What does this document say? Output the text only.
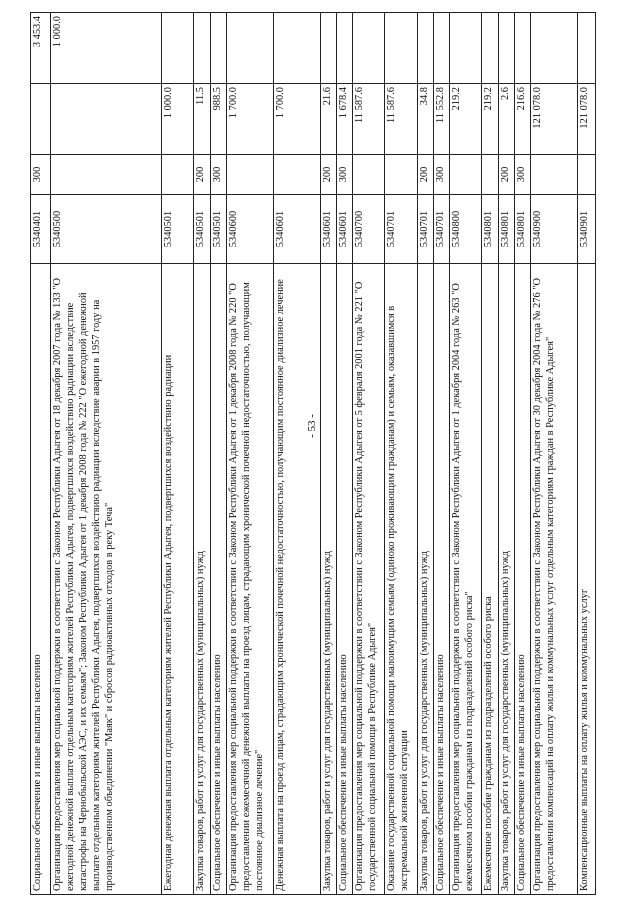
- 53 -
Социальное обеспечение и иные выплаты населению	5340401	300		3 453.4
Организация предоставления мер социальной поддержки в соответствии с Законом Республики Адыгея от 18 декабря 2007 года № 133 "О ежегодной денежной выплате отдельным категориям жителей Республики Адыгея, подвергшихся воздействию радиации вследствие катастрофы на Чернобыльской АЭС, и их семьям"; Законом Республики Адыгея от 1 декабря 2008 года № 222 "О ежегодной денежной выплате отдельным категориям жителей Республики Адыгея, подвергшихся воздействию радиации вследствие аварии в 1957 году на производственном объединении "Маяк" и сбросов радиоактивных отходов в реку Теча"	5340500			1 000.0
Ежегодная денежная выплата отдельным категориям жителей Республики Адыгея, подвергшихся воздействию радиации	5340501		1 000.0	
Закупка товаров, работ и услуг для государственных (муниципальных) нужд	5340501	200	11.5	
Социальное обеспечение и иные выплаты населению	5340501	300	988.5	
Организация предоставления мер социальной поддержки в соответствии с Законом Республики Адыгея от 1 декабря 2008 года № 220 "О предоставлении ежемесячной денежной выплаты на проезд лицам, страдающим хронической почечной недостаточностью, получающим постоянное диализное лечение"	5340600		1 700.0	
Денежная выплата на проезд лицам, страдающим хронической почечной недостаточностью, получающим постоянное диализное лечение	5340601		1 700.0	
Закупка товаров, работ и услуг для государственных (муниципальных) нужд	5340601	200	21.6	
Социальное обеспечение и иные выплаты населению	5340601	300	1 678.4	
Организация предоставления мер социальной поддержки в соответствии с Законом Республики Адыгея от 5 февраля 2001 года № 221 "О государственной социальной помощи в Республике Адыгея"	5340700		11 587.6	
Оказание государственной социальной помощи малоимущим семьям (одиноко проживающим гражданам) и семьям, оказавшимся в экстремальной жизненной ситуации	5340701		11 587.6	
Закупка товаров, работ и услуг для государственных (муниципальных) нужд	5340701	200	34.8	
Социальное обеспечение и иные выплаты населению	5340701	300	11 552.8	
Организация предоставления мер социальной поддержки в соответствии с Законом Республики Адыгея от 1 декабря 2004 года № 263 "О ежемесячном пособии гражданам из подразделений особого риска"	5340800		219.2	
Ежемесячное пособие гражданам из подразделений особого риска	5340801		219.2	
Закупка товаров, работ и услуг для государственных (муниципальных) нужд	5340801	200	2.6	
Социальное обеспечение и иные выплаты населению	5340801	300	216.6	
Организация предоставления мер социальной поддержки в соответствии с Законом Республики Адыгея от 30 декабря 2004 года № 276 "О предоставлении компенсаций на оплату жилья и коммунальных услуг отдельным категориям граждан в Республике Адыгея"	5340900		121 078.0	
Компенсационные выплаты на оплату жилья и коммунальных услуг	5340901		121 078.0	
